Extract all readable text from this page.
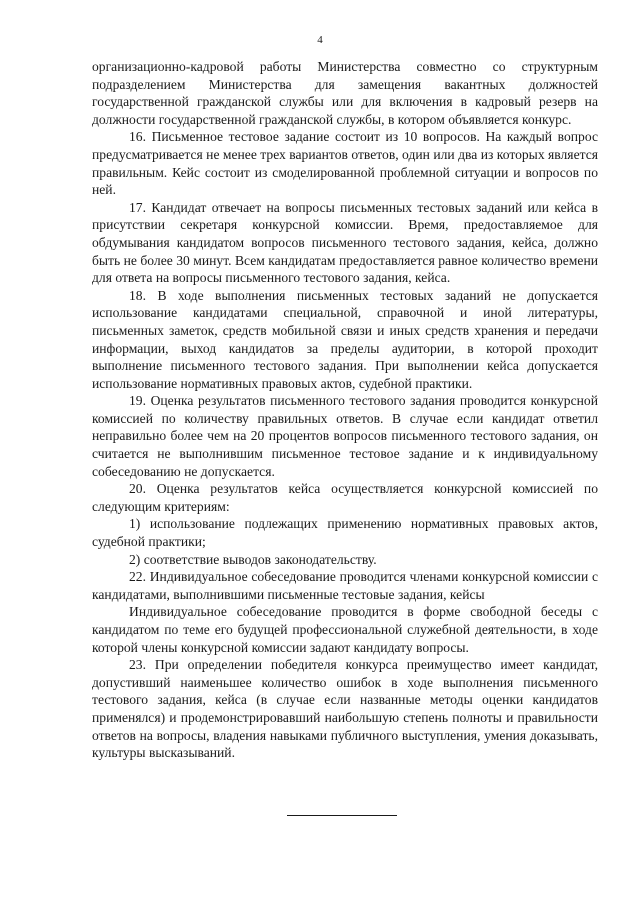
4

организационно-кадровой работы Министерства совместно со структурным подразделением Министерства для замещения вакантных должностей государственной гражданской службы или для включения в кадровый резерв на должности государственной гражданской службы, в котором объявляется конкурс.

16. Письменное тестовое задание состоит из 10 вопросов. На каждый вопрос предусматривается не менее трех вариантов ответов, один или два из которых является правильным. Кейс состоит из смоделированной проблемной ситуации и вопросов по ней.

17. Кандидат отвечает на вопросы письменных тестовых заданий или кейса в присутствии секретаря конкурсной комиссии. Время, предоставляемое для обдумывания кандидатом вопросов письменного тестового задания, кейса, должно быть не более 30 минут. Всем кандидатам предоставляется равное количество времени для ответа на вопросы письменного тестового задания, кейса.

18. В ходе выполнения письменных тестовых заданий не допускается использование кандидатами специальной, справочной и иной литературы, письменных заметок, средств мобильной связи и иных средств хранения и передачи информации, выход кандидатов за пределы аудитории, в которой проходит выполнение письменного тестового задания. При выполнении кейса допускается использование нормативных правовых актов, судебной практики.

19. Оценка результатов письменного тестового задания проводится конкурсной комиссией по количеству правильных ответов. В случае если кандидат ответил неправильно более чем на 20 процентов вопросов письменного тестового задания, он считается не выполнившим письменное тестовое задание и к индивидуальному собеседованию не допускается.

20. Оценка результатов кейса осуществляется конкурсной комиссией по следующим критериям:

1) использование подлежащих применению нормативных правовых актов, судебной практики;

2) соответствие выводов законодательству.

22. Индивидуальное собеседование проводится членами конкурсной комиссии с кандидатами, выполнившими письменные тестовые задания, кейсы

Индивидуальное собеседование проводится в форме свободной беседы с кандидатом по теме его будущей профессиональной служебной деятельности, в ходе которой члены конкурсной комиссии задают кандидату вопросы.

23. При определении победителя конкурса преимущество имеет кандидат, допустивший наименьшее количество ошибок в ходе выполнения письменного тестового задания, кейса (в случае если названные методы оценки кандидатов применялся) и продемонстрировавший наибольшую степень полноты и правильности ответов на вопросы, владения навыками публичного выступления, умения доказывать, культуры высказываний.
